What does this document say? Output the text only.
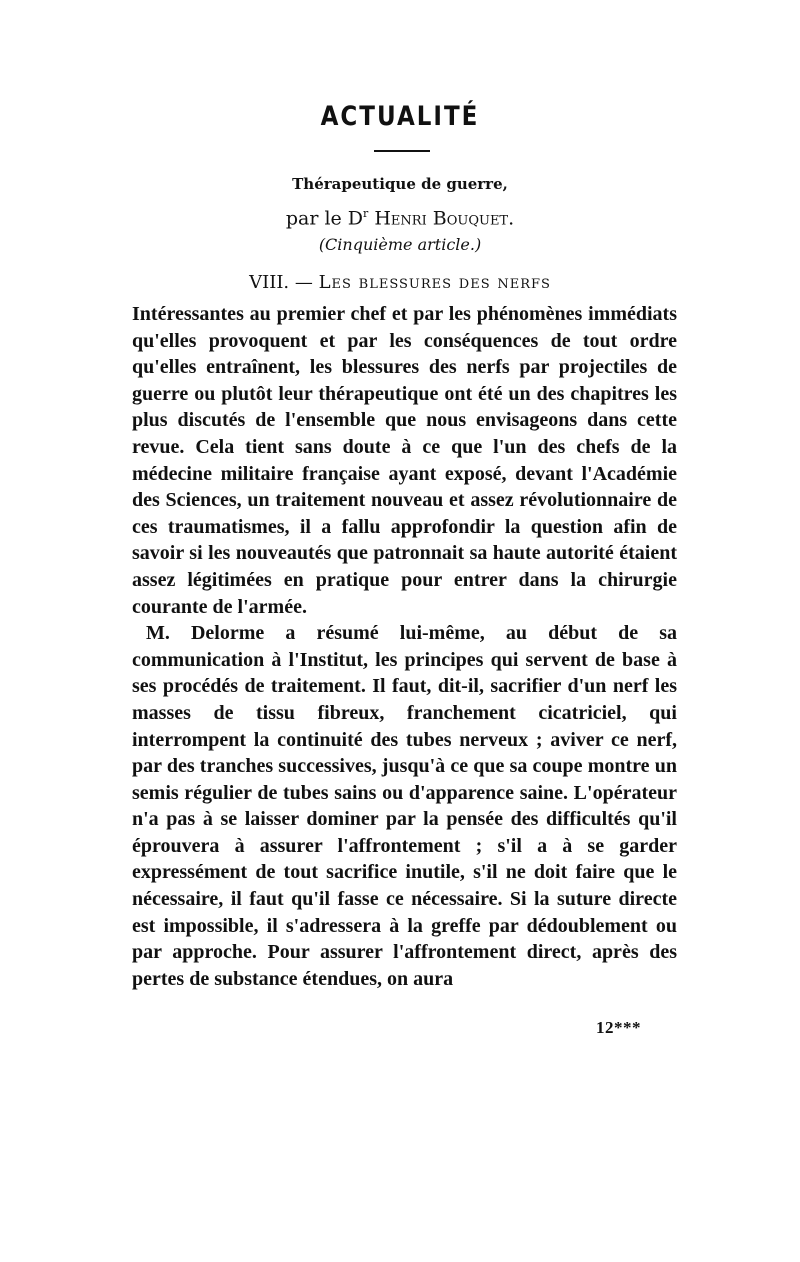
ACTUALITÉ
Thérapeutique de guerre,
par le $D^r$ Henri Bouquet.
(Cinquième article.)
VIII. — Les blessures des nerfs

Intéressantes au premier chef et par les phénomènes immédiats qu'elles provoquent et par les conséquences de tout ordre qu'elles entraînent, les blessures des nerfs par projectiles de guerre ou plutôt leur thérapeutique ont été un des chapitres les plus discutés de l'ensemble que nous envisageons dans cette revue. Cela tient sans doute à ce que l'un des chefs de la médecine militaire française ayant exposé, devant l'Académie des Sciences, un traitement nouveau et assez révolutionnaire de ces traumatismes, il a fallu approfondir la question afin de savoir si les nouveautés que patronnait sa haute autorité étaient assez légitimées en pratique pour entrer dans la chirurgie courante de l'armée.

M. Delorme a résumé lui-même, au début de sa communication à l'Institut, les principes qui servent de base à ses procédés de traitement. Il faut, dit-il, sacrifier d'un nerf les masses de tissu fibreux, franchement cicatriciel, qui interrompent la continuité des tubes nerveux ; aviver ce nerf, par des tranches successives, jusqu'à ce que sa coupe montre un semis régulier de tubes sains ou d'apparence saine. L'opérateur n'a pas à se laisser dominer par la pensée des difficultés qu'il éprouvera à assurer l'affrontement ; s'il a à se garder expressément de tout sacrifice inutile, s'il ne doit faire que le nécessaire, il faut qu'il fasse ce nécessaire. Si la suture directe est impossible, il s'adressera à la greffe par dédoublement ou par approche. Pour assurer l'affrontement direct, après des pertes de substance étendues, on aura

12***
